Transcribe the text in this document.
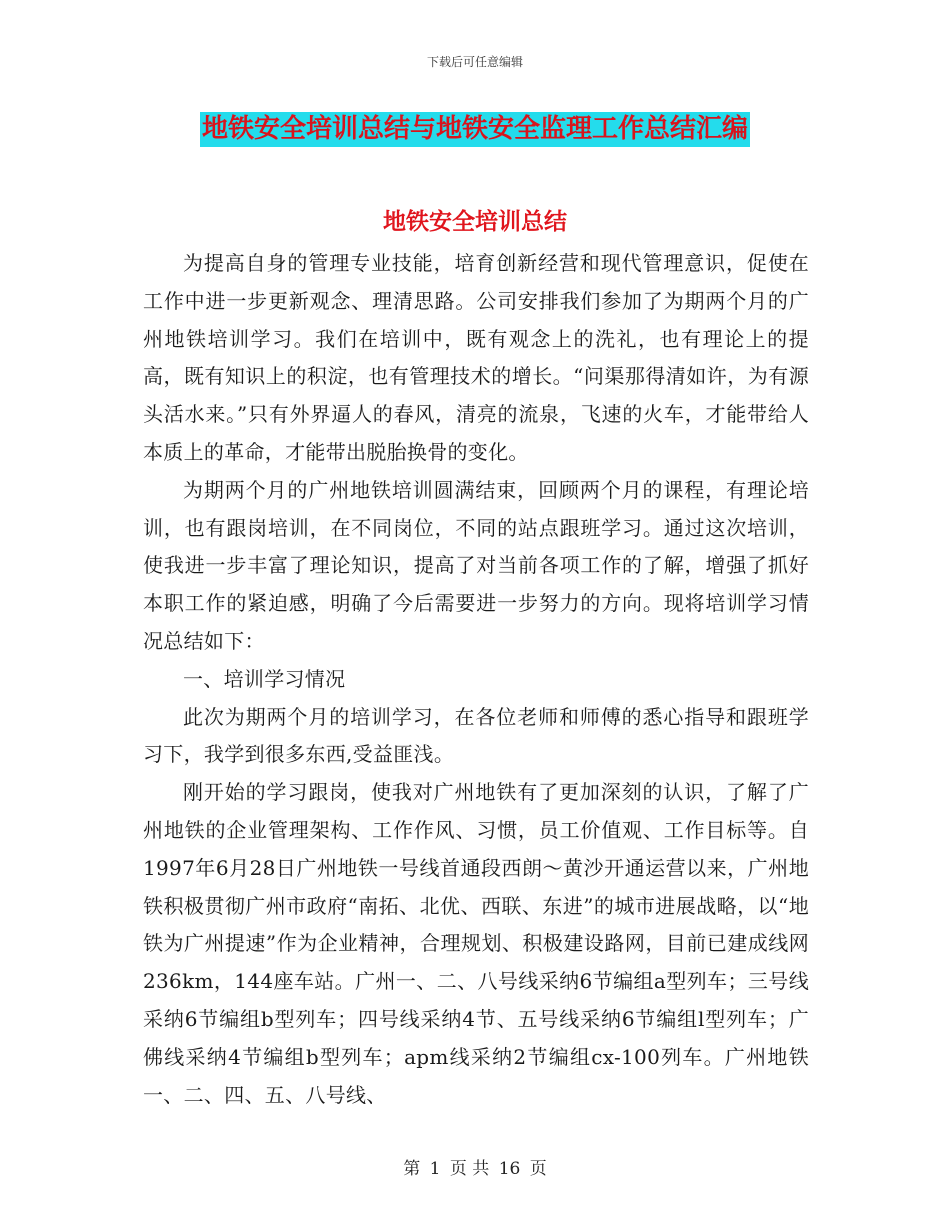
下载后可任意编辑
地铁安全培训总结与地铁安全监理工作总结汇编
地铁安全培训总结

为提高自身的管理专业技能，培育创新经营和现代管理意识，促使在工作中进一步更新观念、理清思路。公司安排我们参加了为期两个月的广州地铁培训学习。我们在培训中，既有观念上的洗礼，也有理论上的提高，既有知识上的积淀，也有管理技术的增长。“问渠那得清如许，为有源头活水来。”只有外界逼人的春风，清亮的流泉，飞速的火车，才能带给人本质上的革命，才能带出脱胎换骨的变化。

为期两个月的广州地铁培训圆满结束，回顾两个月的课程，有理论培训，也有跟岗培训，在不同岗位，不同的站点跟班学习。通过这次培训，使我进一步丰富了理论知识，提高了对当前各项工作的了解，增强了抓好本职工作的紧迫感，明确了今后需要进一步努力的方向。现将培训学习情况总结如下：

一、培训学习情况

此次为期两个月的培训学习，在各位老师和师傅的悉心指导和跟班学习下，我学到很多东西,受益匪浅。

刚开始的学习跟岗，使我对广州地铁有了更加深刻的认识，了解了广州地铁的企业管理架构、工作作风、习惯，员工价值观、工作目标等。自1997年6月28日广州地铁一号线首通段西朗～黄沙开通运营以来，广州地铁积极贯彻广州市政府“南拓、北优、西联、东进”的城市进展战略，以“地铁为广州提速”作为企业精神，合理规划、积极建设路网，目前已建成线网236km，144座车站。广州一、二、八号线采纳6节编组a型列车；三号线采纳6节编组b型列车；四号线采纳4节、五号线采纳6节编组l型列车；广佛线采纳4节编组b型列车；apm线采纳2节编组cx-100列车。广州地铁一、二、四、五、八号线、

第 1 页 共 16 页
